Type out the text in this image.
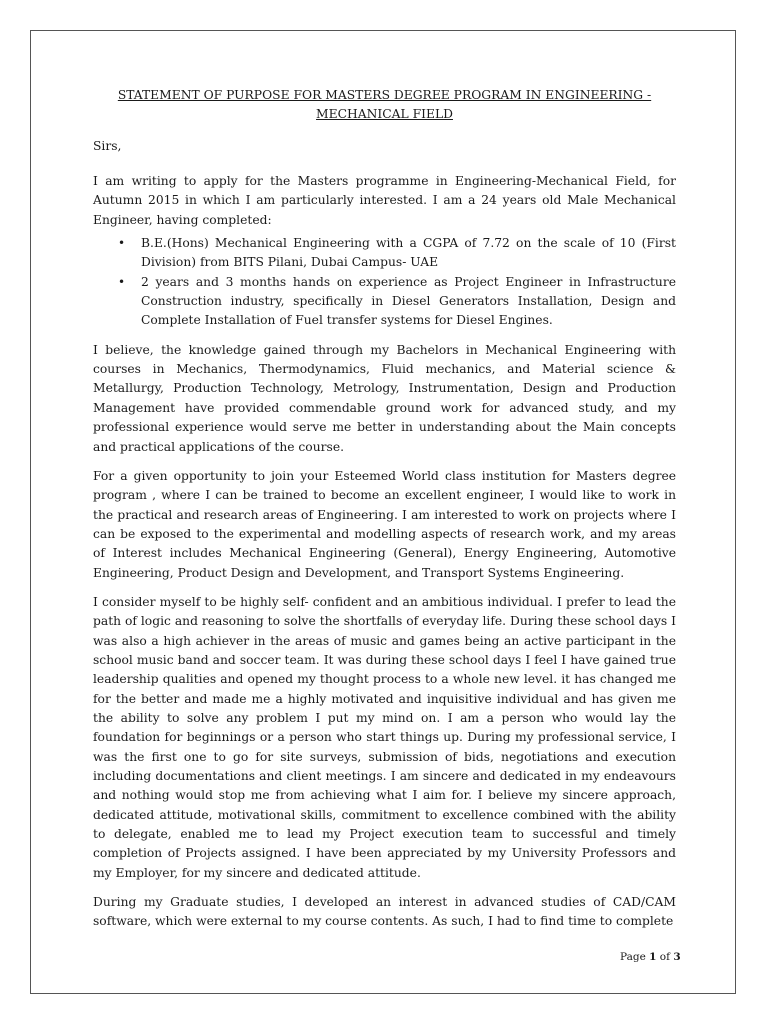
STATEMENT OF PURPOSE FOR MASTERS DEGREE PROGRAM IN ENGINEERING - MECHANICAL FIELD
Sirs,

I am writing to apply for the Masters programme in Engineering-Mechanical Field, for Autumn 2015 in which I am particularly interested. I am a 24 years old Male Mechanical Engineer, having completed:

• B.E.(Hons) Mechanical Engineering with a CGPA of 7.72 on the scale of 10 (First Division) from BITS Pilani, Dubai Campus- UAE
• 2 years and 3 months hands on experience as Project Engineer in Infrastructure Construction industry, specifically in Diesel Generators Installation, Design and Complete Installation of Fuel transfer systems for Diesel Engines.

I believe, the knowledge gained through my Bachelors in Mechanical Engineering with courses in Mechanics, Thermodynamics, Fluid mechanics, and Material science & Metallurgy, Production Technology, Metrology, Instrumentation, Design and Production Management have provided commendable ground work for advanced study, and my professional experience would serve me better in understanding about the Main concepts and practical applications of the course.

For a given opportunity to join your Esteemed World class institution for Masters degree program , where I can be trained to become an excellent engineer, I would like to work in the practical and research areas of Engineering. I am interested to work on projects where I can be exposed to the experimental and modelling aspects of research work, and my areas of Interest includes Mechanical Engineering (General), Energy Engineering, Automotive Engineering, Product Design and Development, and Transport Systems Engineering.

I consider myself to be highly self- confident and an ambitious individual. I prefer to lead the path of logic and reasoning to solve the shortfalls of everyday life. During these school days I was also a high achiever in the areas of music and games being an active participant in the school music band and soccer team. It was during these school days I feel I have gained true leadership qualities and opened my thought process to a whole new level. it has changed me for the better and made me a highly motivated and inquisitive individual and has given me the ability to solve any problem I put my mind on. I am a person who would lay the foundation for beginnings or a person who start things up. During my professional service, I was the first one to go for site surveys, submission of bids, negotiations and execution including documentations and client meetings. I am sincere and dedicated in my endeavours and nothing would stop me from achieving what I aim for. I believe my sincere approach, dedicated attitude, motivational skills, commitment to excellence combined with the ability to delegate, enabled me to lead my Project execution team to successful and timely completion of Projects assigned. I have been appreciated by my University Professors and my Employer, for my sincere and dedicated attitude.

During my Graduate studies, I developed an interest in advanced studies of CAD/CAM software, which were external to my course contents. As such, I had to find time to complete

Page 1 of 3
